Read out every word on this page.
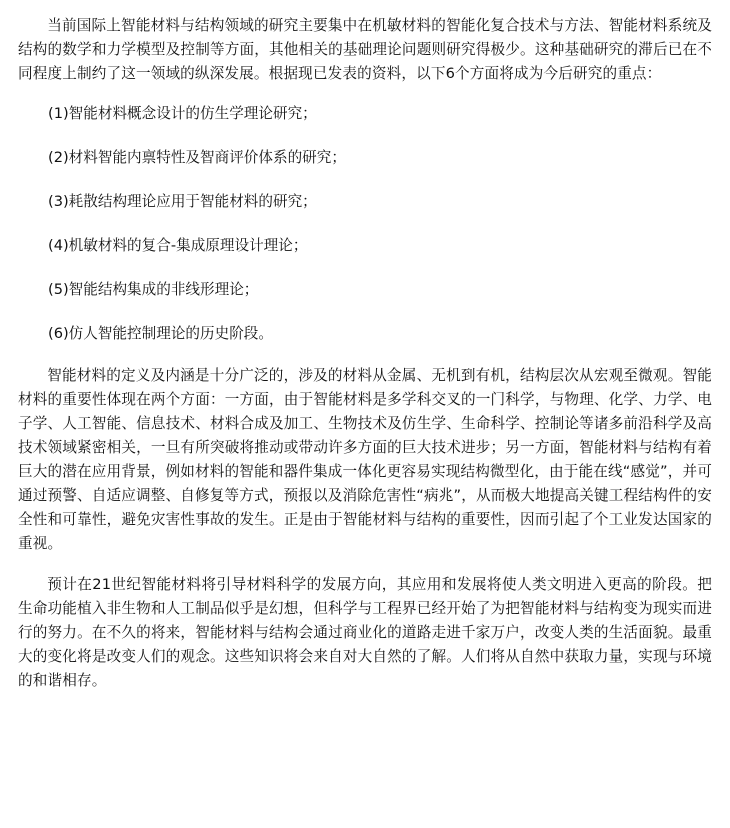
当前国际上智能材料与结构领域的研究主要集中在机敏材料的智能化复合技术与方法、智能材料系统及结构的数学和力学模型及控制等方面，其他相关的基础理论问题则研究得极少。这种基础研究的滞后已在不同程度上制约了这一领域的纵深发展。根据现已发表的资料，以下6个方面将成为今后研究的重点：

(1)智能材料概念设计的仿生学理论研究；
(2)材料智能内禀特性及智商评价体系的研究；
(3)耗散结构理论应用于智能材料的研究；
(4)机敏材料的复合-集成原理设计理论；
(5)智能结构集成的非线形理论；
(6)仿人智能控制理论的历史阶段。

智能材料的定义及内涵是十分广泛的，涉及的材料从金属、无机到有机，结构层次从宏观至微观。智能材料的重要性体现在两个方面：一方面，由于智能材料是多学科交叉的一门科学，与物理、化学、力学、电子学、人工智能、信息技术、材料合成及加工、生物技术及仿生学、生命科学、控制论等诸多前沿科学及高技术领域紧密相关，一旦有所突破将推动或带动许多方面的巨大技术进步；另一方面，智能材料与结构有着巨大的潜在应用背景，例如材料的智能和器件集成一体化更容易实现结构微型化，由于能在线“感觉”，并可通过预警、自适应调整、自修复等方式，预报以及消除危害性“病兆”，从而极大地提高关键工程结构件的安全性和可靠性，避免灾害性事故的发生。正是由于智能材料与结构的重要性，因而引起了个工业发达国家的重视。

预计在21世纪智能材料将引导材料科学的发展方向，其应用和发展将使人类文明进入更高的阶段。把生命功能植入非生物和人工制品似乎是幻想，但科学与工程界已经开始了为把智能材料与结构变为现实而进行的努力。在不久的将来，智能材料与结构会通过商业化的道路走进千家万户，改变人类的生活面貌。最重大的变化将是改变人们的观念。这些知识将会来自对大自然的了解。人们将从自然中获取力量，实现与环境的和谐相存。
